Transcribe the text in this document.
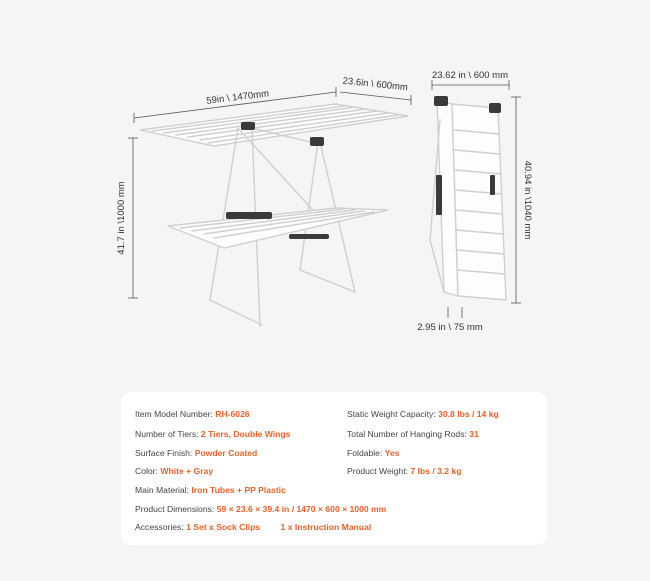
59in \ 1470mm
23.6in \ 600mm
41.7 in \1000 mm
23.62 in \ 600 mm
40.94 in \1040 mm
2.95 in \ 75 mm
Item Model Number: RH-6026
Number of Tiers: 2 Tiers, Double Wings
Surface Finish: Powder Coated
Color: White + Gray
Main Material: Iron Tubes + PP Plastic
Product Dimensions: 59 × 23.6 × 39.4 in / 1470 × 600 × 1000 mm
Accessories: 1 Set x Sock Clips 1 x Instruction Manual
Static Weight Capacity: 30.8 lbs / 14 kg
Total Number of Hanging Rods: 31
Foldable: Yes
Product Weight: 7 lbs / 3.2 kg
